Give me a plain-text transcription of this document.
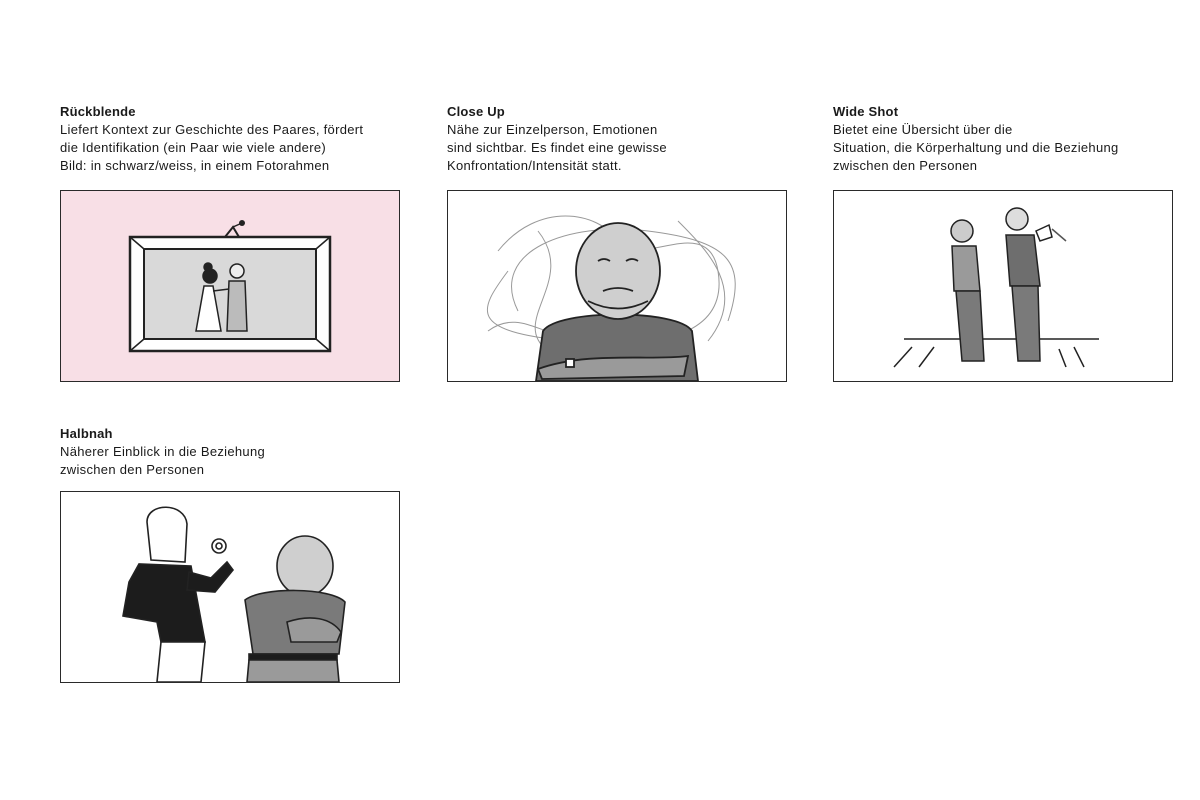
Rückblende

Liefert Kontext zur Geschichte des Paares, fördert

die Identifikation (ein Paar wie viele andere)

Bild: in schwarz/weiss, in einem Fotorahmen

Close Up

Nähe zur Einzelperson, Emotionen

sind sichtbar. Es findet eine gewisse

Konfrontation/Intensität statt.

Wide Shot

Bietet eine Übersicht über die

Situation, die Körperhaltung und die Beziehung

zwischen den Personen

Halbnah

Näherer Einblick in die Beziehung

zwischen den Personen
